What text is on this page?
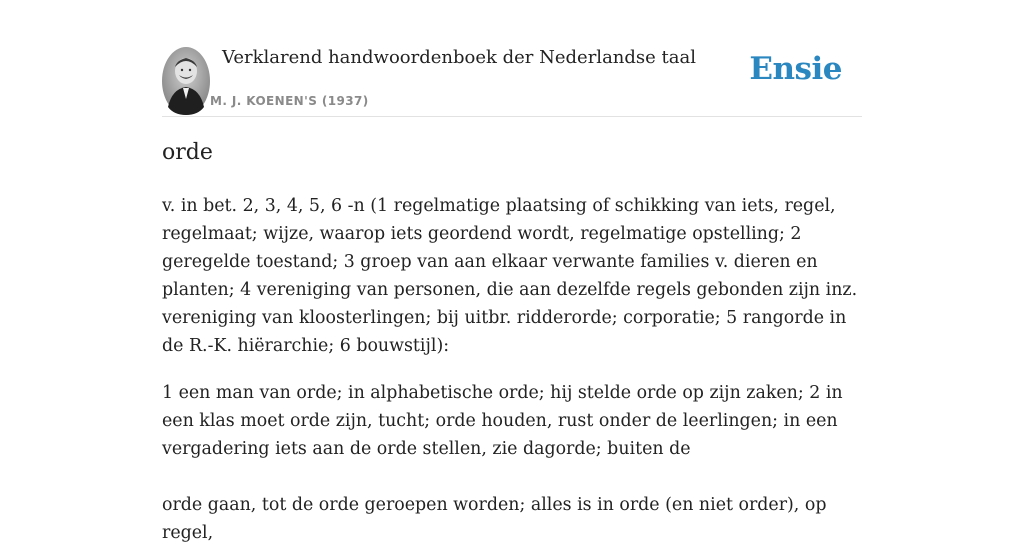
Verklarend handwoordenboek der Nederlandse taal
M. J. KOENEN'S (1937)
Ensie
orde

v. in bet. 2, 3, 4, 5, 6 -n (1 regelmatige plaatsing of schikking van iets, regel, regelmaat; wijze, waarop iets geordend wordt, regelmatige opstelling; 2 geregelde toestand; 3 groep van aan elkaar verwante families v. dieren en planten; 4 vereniging van personen, die aan dezelfde regels gebonden zijn inz. vereniging van kloosterlingen; bij uitbr. ridderorde; corporatie; 5 rangorde in de R.-K. hiërarchie; 6 bouwstijl):

1 een man van orde; in alphabetische orde; hij stelde orde op zijn zaken; 2 in een klas moet orde zijn, tucht; orde houden, rust onder de leerlingen; in een vergadering iets aan de orde stellen, zie dagorde; buiten de
orde gaan, tot de orde geroepen worden; alles is in orde (en niet order), op regel,
